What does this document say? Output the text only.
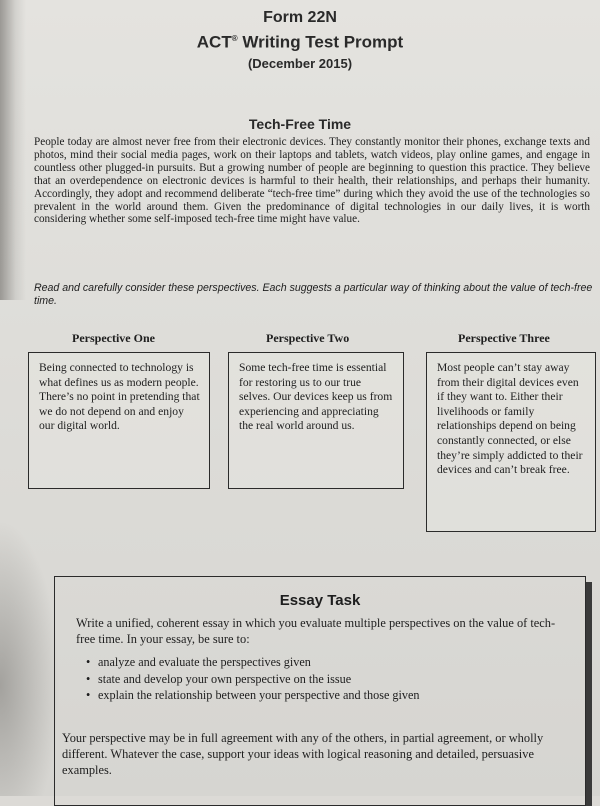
Form 22N
ACT® Writing Test Prompt
(December 2015)
Tech-Free Time
People today are almost never free from their electronic devices. They constantly monitor their phones, exchange texts and photos, mind their social media pages, work on their laptops and tablets, watch videos, play online games, and engage in countless other plugged-in pursuits. But a growing number of people are beginning to question this practice. They believe that an overdependence on electronic devices is harmful to their health, their relationships, and perhaps their humanity. Accordingly, they adopt and recommend deliberate “tech-free time” during which they avoid the use of the technologies so prevalent in the world around them. Given the predominance of digital technologies in our daily lives, it is worth considering whether some self-imposed tech-free time might have value.
Read and carefully consider these perspectives. Each suggests a particular way of thinking about the value of tech-free time.
Perspective One	Perspective Two	Perspective Three
Being connected to technology is what defines us as modern people. There’s no point in pretending that we do not depend on and enjoy our digital world.
Some tech-free time is essential for restoring us to our true selves. Our devices keep us from experiencing and appreciating the real world around us.
Most people can’t stay away from their digital devices even if they want to. Either their livelihoods or family relationships depend on being constantly connected, or else they’re simply addicted to their devices and can’t break free.
Essay Task
Write a unified, coherent essay in which you evaluate multiple perspectives on the value of tech-free time. In your essay, be sure to:
• analyze and evaluate the perspectives given
• state and develop your own perspective on the issue
• explain the relationship between your perspective and those given
Your perspective may be in full agreement with any of the others, in partial agreement, or wholly different. Whatever the case, support your ideas with logical reasoning and detailed, persuasive examples.
